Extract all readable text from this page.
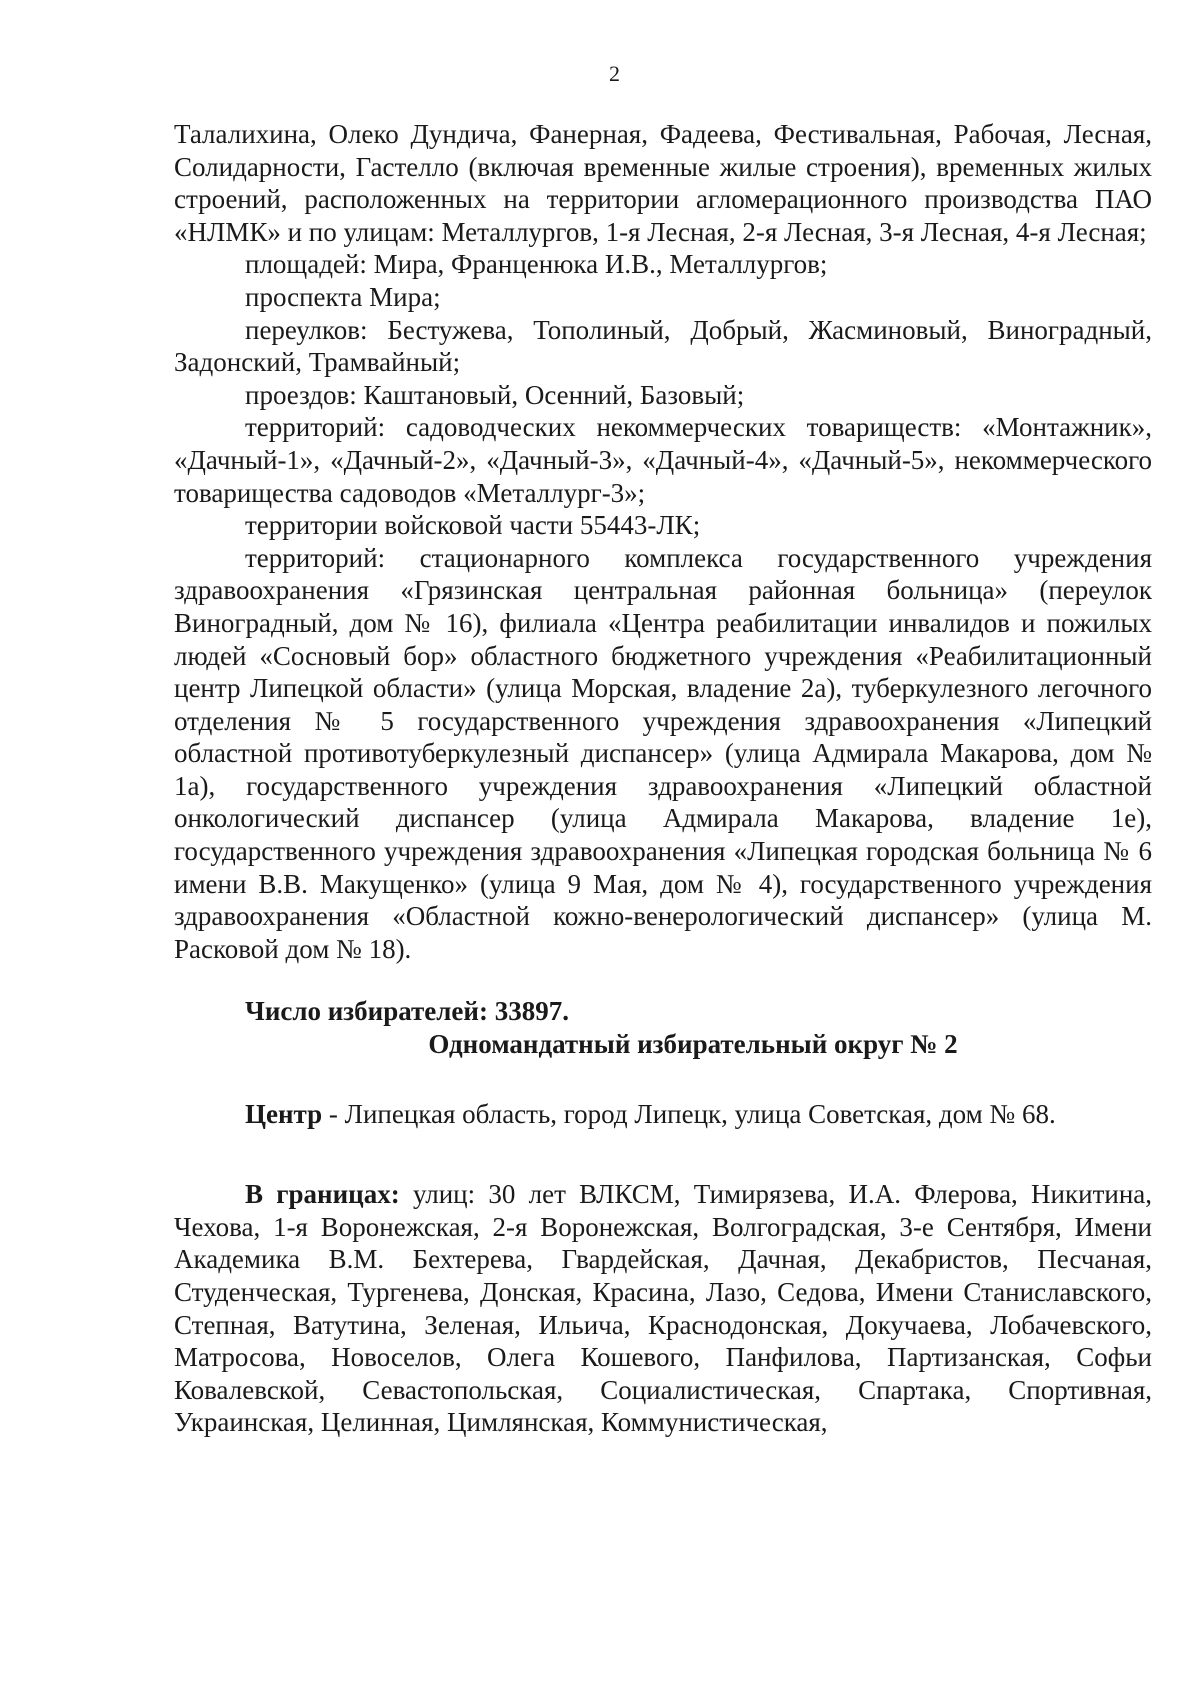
2

Талалихина, Олеко Дундича, Фанерная, Фадеева, Фестивальная, Рабочая, Лесная, Солидарности, Гастелло (включая временные жилые строения), временных жилых строений, расположенных на территории агломерационного производства ПАО «НЛМК» и по улицам: Металлургов, 1-я Лесная, 2-я Лесная, 3-я Лесная, 4-я Лесная;

площадей: Мира, Франценюка И.В., Металлургов;

проспекта Мира;

переулков: Бестужева, Тополиный, Добрый, Жасминовый, Виноградный, Задонский, Трамвайный;

проездов: Каштановый, Осенний, Базовый;

территорий: садоводческих некоммерческих товариществ: «Монтажник», «Дачный-1», «Дачный-2», «Дачный-3», «Дачный-4», «Дачный-5», некоммерческого товарищества садоводов «Металлург-3»;

территории войсковой части 55443-ЛК;

территорий: стационарного комплекса государственного учреждения здравоохранения «Грязинская центральная районная больница» (переулок Виноградный, дом № 16), филиала «Центра реабилитации инвалидов и пожилых людей «Сосновый бор» областного бюджетного учреждения «Реабилитационный центр Липецкой области» (улица Морская, владение 2а), туберкулезного легочного отделения № 5 государственного учреждения здравоохранения «Липецкий областной противотуберкулезный диспансер» (улица Адмирала Макарова, дом № 1а), государственного учреждения здравоохранения «Липецкий областной онкологический диспансер (улица Адмирала Макарова, владение 1е), государственного учреждения здравоохранения «Липецкая городская больница № 6 имени В.В. Макущенко» (улица 9 Мая, дом № 4), государственного учреждения здравоохранения «Областной кожно-венерологический диспансер» (улица М. Расковой дом № 18).

Число избирателей: 33897.

Одномандатный избирательный округ № 2

Центр - Липецкая область, город Липецк, улица Советская, дом № 68.

В границах: улиц: 30 лет ВЛКСМ, Тимирязева, И.А. Флерова, Никитина, Чехова, 1-я Воронежская, 2-я Воронежская, Волгоградская, 3-е Сентября, Имени Академика В.М. Бехтерева, Гвардейская, Дачная, Декабристов, Песчаная, Студенческая, Тургенева, Донская, Красина, Лазо, Седова, Имени Станиславского, Степная, Ватутина, Зеленая, Ильича, Краснодонская, Докучаева, Лобачевского, Матросова, Новоселов, Олега Кошевого, Панфилова, Партизанская, Софьи Ковалевской, Севастопольская, Социалистическая, Спартака, Спортивная, Украинская, Целинная, Цимлянская, Коммунистическая,
